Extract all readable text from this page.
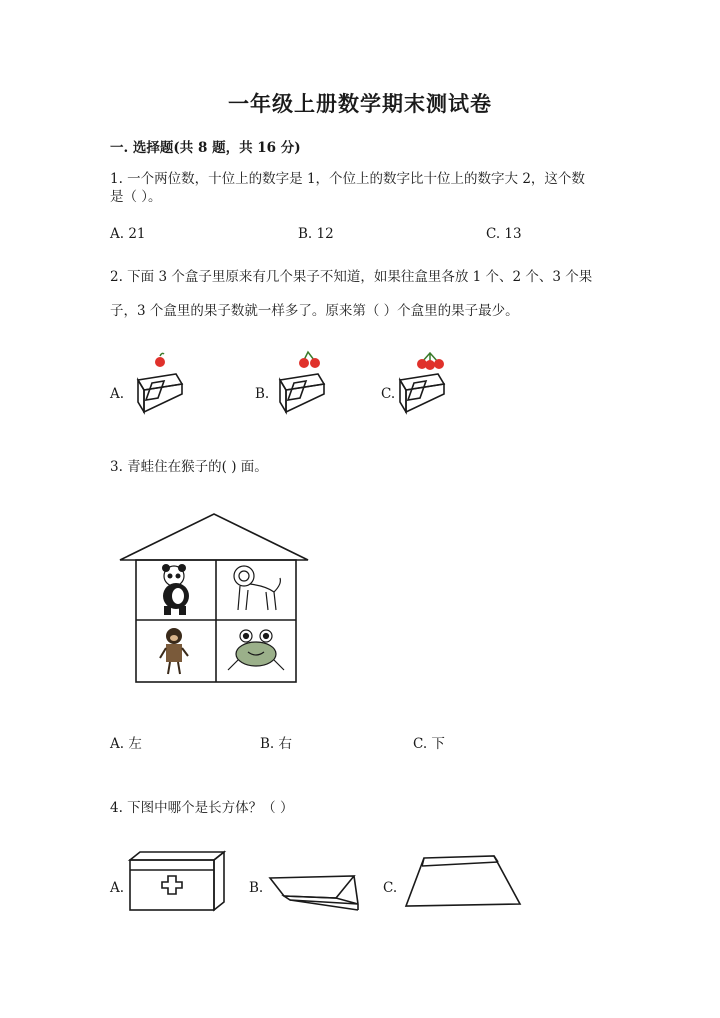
一年级上册数学期末测试卷
一. 选择题(共 8 题，共 16 分)
1. 一个两位数，十位上的数字是 1，个位上的数字比十位上的数字大 2，这个数
是（ ）。
A. 21	B. 12	C. 13
2. 下面 3 个盒子里原来有几个果子不知道，如果往盒里各放 1 个、2 个、3 个果
子，3 个盒里的果子数就一样多了。原来第（ ）个盒里的果子最少。
A.	B.	C.
3. 青蛙住在猴子的( ) 面。
A. 左	B. 右	C. 下
4. 下图中哪个是长方体？（ ）
A.	B.	C.
